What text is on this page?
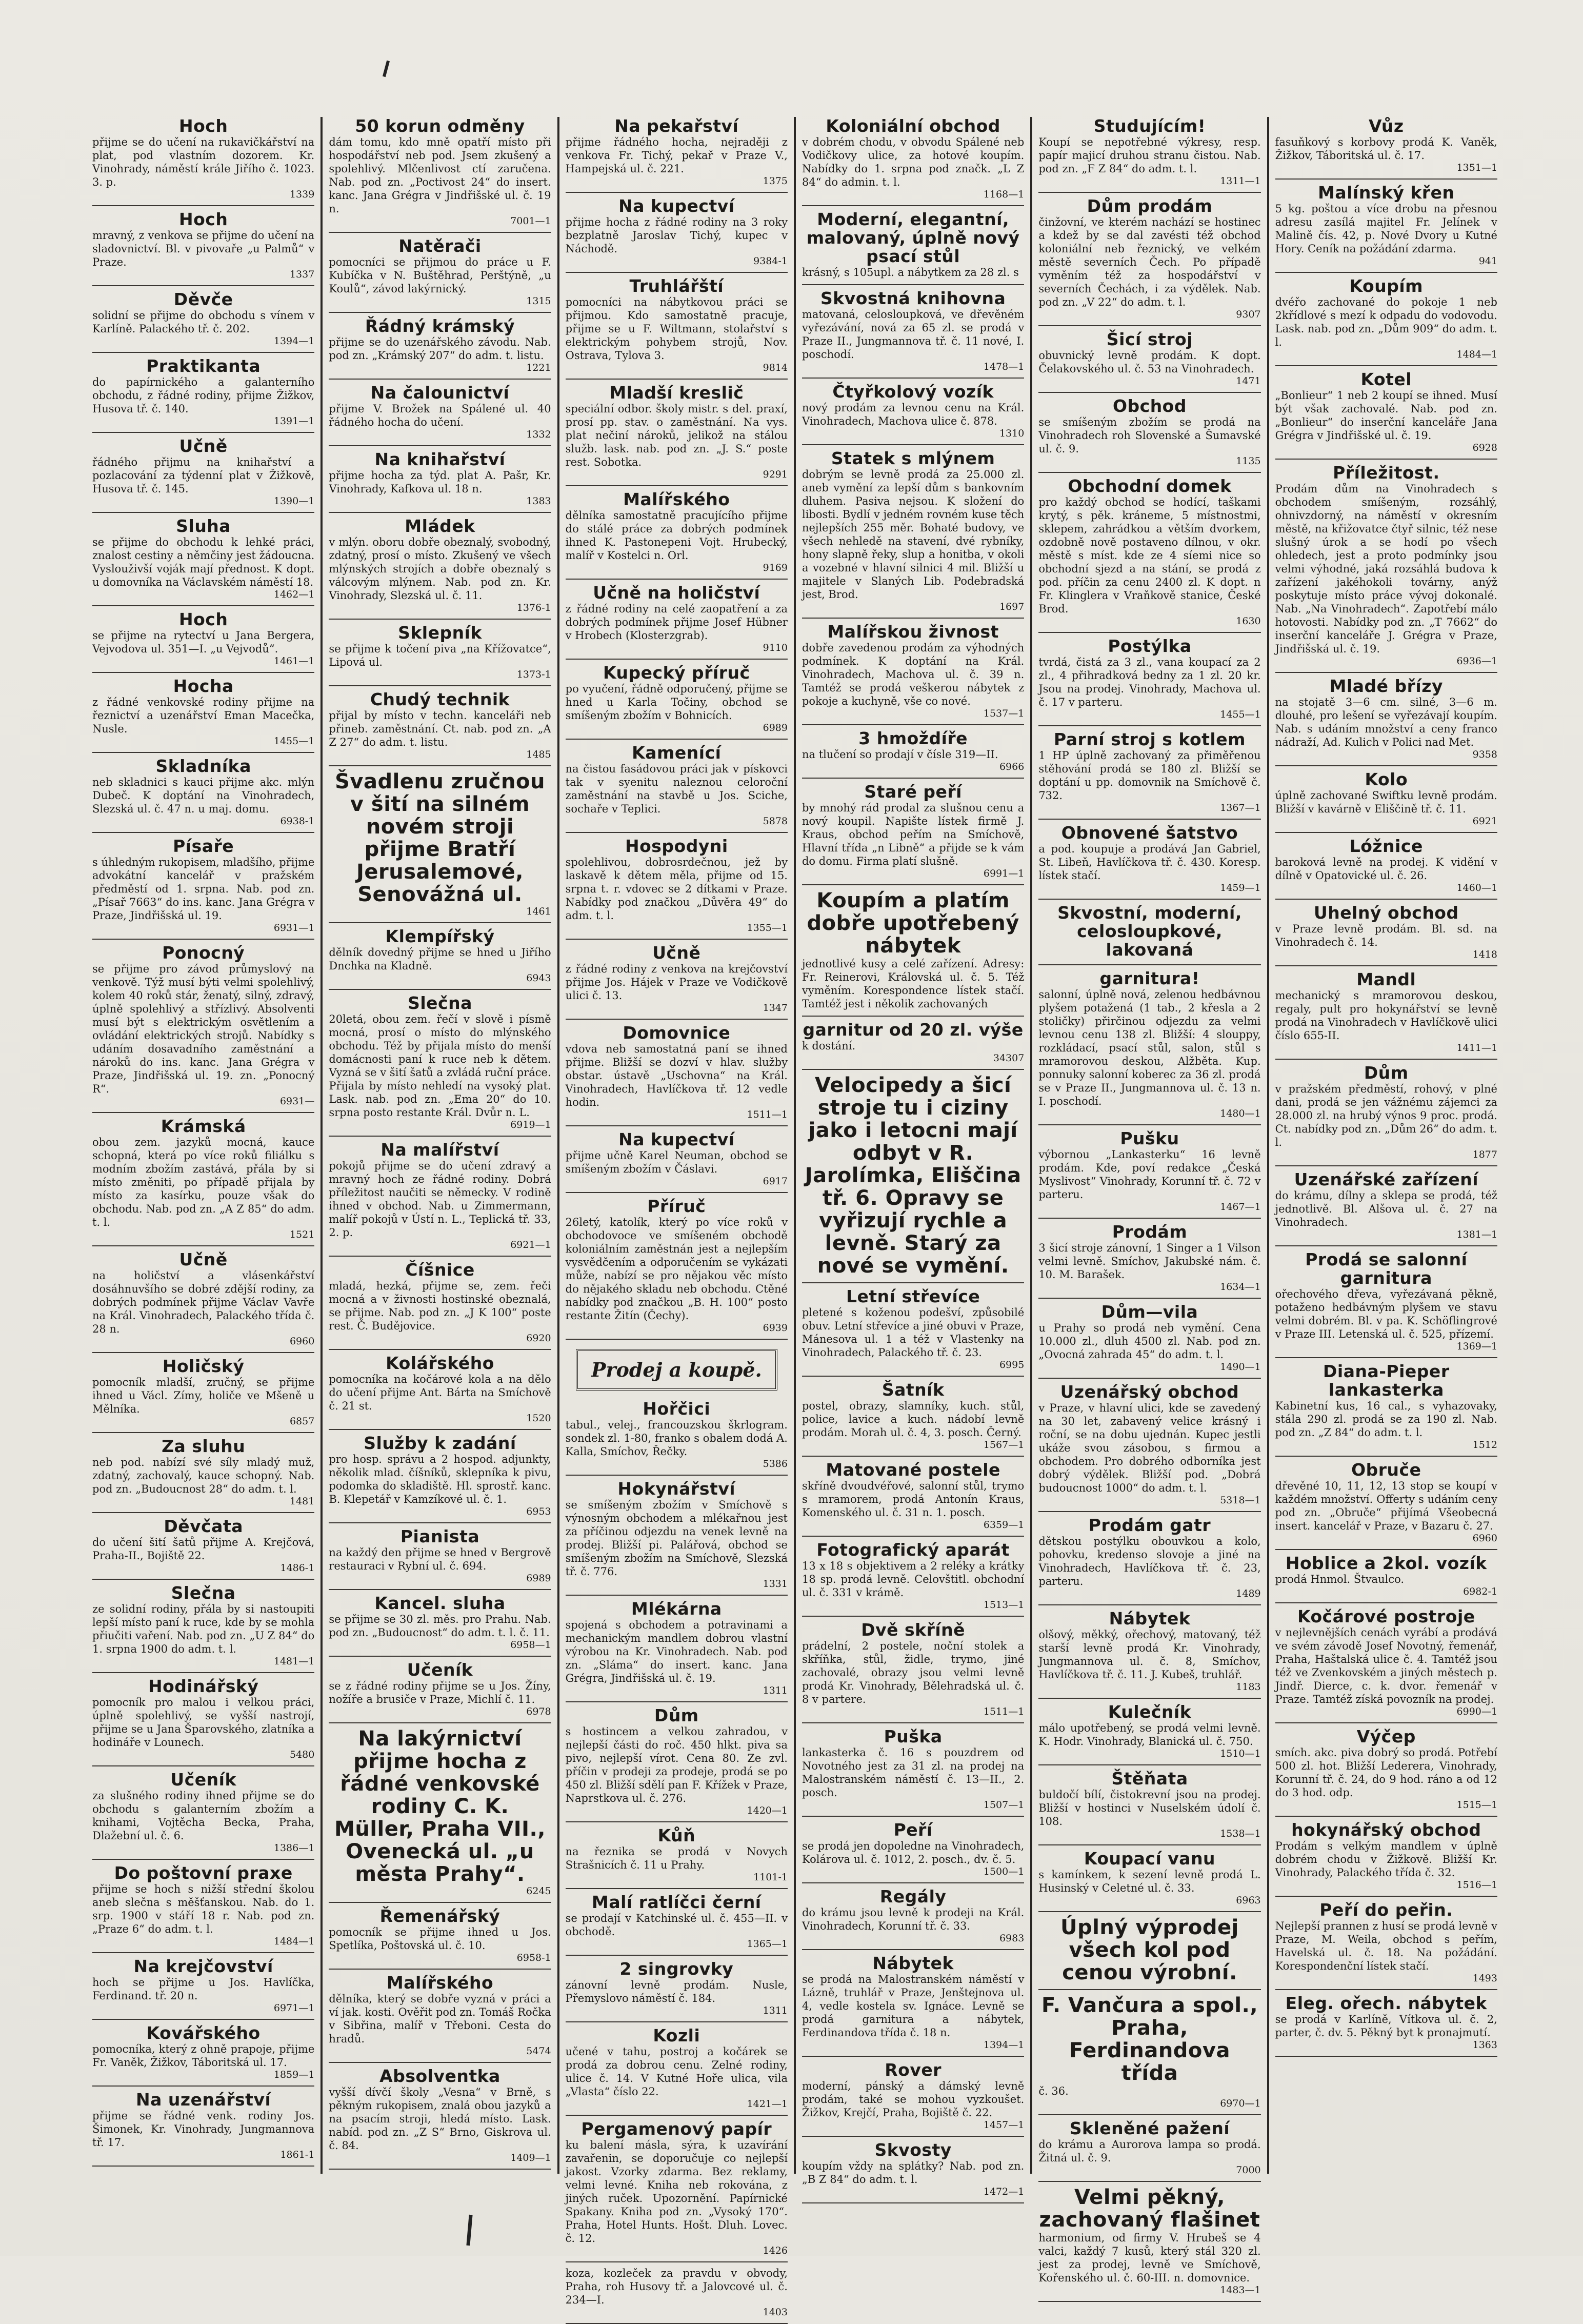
Hoch

přijme se do učení na rukavičkářství na plat, pod vlastním dozorem. Kr. Vinohrady, náměstí krále Jiřího č. 1023. 3. p.

1339
Hoch

mravný, z venkova se přijme do učení na sladovnictví. Bl. v pivovaře „u Palmů“ v Praze.

1337
Děvče

solidní se přijme do obchodu s vínem v Karlíně. Palackého tř. č. 202.

1394—1
Praktikanta

do papírnického a galanterního obchodu, z řádné rodiny, přijme Žižkov, Husova tř. č. 140.

1391—1
Učně

řádného přijmu na knihařství a pozlacování za týdenní plat v Žižkově, Husova tř. č. 145.

1390—1
Sluha

se přijme do obchodu k lehké práci, znalost cestiny a němčiny jest žádoucna. Vyslouživší voják mají přednost. K dopt. u domovníka na Václavském náměstí 18.

1462—1
Hoch

se přijme na rytectví u Jana Bergera, Vejvodova ul. 351—I. „u Vejvodů“.

1461—1
Hocha

z řádné venkovské rodiny přijme na řeznictví a uzenářství Eman Macečka, Nusle.

1455—1
Skladníka

neb skladnici s kauci přijme akc. mlýn Dubeč. K doptání na Vinohradech, Slezská ul. č. 47 n. u maj. domu.

6938-1
Písaře

s úhledným rukopisem, mladšího, přijme advokátní kancelář v pražském předměstí od 1. srpna. Nab. pod zn. „Písař 7663“ do ins. kanc. Jana Grégra v Praze, Jindřišská ul. 19.

6931—1
Ponocný

se přijme pro závod průmyslový na venkově. Týž musí býti velmi spolehlivý, kolem 40 roků stár, ženatý, silný, zdravý, úplně spolehlivý a střízlivý. Absolventi musí být s elektrickým osvětlením a ovládání elektrických strojů. Nabídky s udáním dosavadního zaměstnání a nároků do ins. kanc. Jana Grégra v Praze, Jindřišská ul. 19. zn. „Ponocný R“.

6931—
Krámská

obou zem. jazyků mocná, kauce schopná, která po více roků filiálku s modním zbožím zastává, přála by si místo změniti, po případě přijala by místo za kasírku, pouze však do obchodu. Nab. pod zn. „A Z 85“ do adm. t. l.

1521
Učně

na holičství a vlásenkářství dosáhnuvšího se dobré zdější rodiny, za dobrých podmínek přijme Václav Vavře na Král. Vinohradech, Palackého třída č. 28 n.

6960
Holičský

pomocník mladší, zručný, se přijme ihned u Václ. Zímy, holiče ve Mšeně u Mělníka.

6857
Za sluhu

neb pod. nabízí své síly mladý muž, zdatný, zachovalý, kauce schopný. Nab. pod zn. „Budoucnost 28“ do adm. t. l.

1481
Děvčata

do učení šití šatů přijme A. Krejčová, Praha-II., Bojiště 22.

1486-1
Slečna

ze solidní rodiny, přála by si nastoupiti lepší místo paní k ruce, kde by se mohla přiučiti vaření. Nab. pod zn. „U Z 84“ do 1. srpna 1900 do adm. t. l.

1481—1
Hodinářský

pomocník pro malou i velkou práci, úplně spolehlivý, se vyšší nastrojí, přijme se u Jana Šparovského, zlatníka a hodináře v Lounech.

5480
Učeník

za slušného rodiny ihned přijme se do obchodu s galanterním zbožím a knihami, Vojtěcha Becka, Praha, Dlažební ul. č. 6.

1386—1
Do poštovní praxe

přijme se hoch s nižší střední školou aneb slečna s měšťanskou. Nab. do 1. srp. 1900 v stáří 18 r. Nab. pod zn. „Praze 6“ do adm. t. l.

1484—1
Na krejčovství

hoch se přijme u Jos. Havlíčka, Ferdinand. tř. 20 n.

6971—1
Kovářského

pomocníka, který z ohně prapoje, přijme Fr. Vaněk, Žižkov, Táboritská ul. 17.

1859—1
Na uzenářství

přijme se řádné venk. rodiny Jos. Šimonek, Kr. Vinohrady, Jungmannova tř. 17.

1861-1
50 korun odměny

dám tomu, kdo mně opatří místo při hospodářství neb pod. Jsem zkušený a spolehlivý. Mlčenlivost ctí zaručena. Nab. pod zn. „Poctivost 24“ do insert. kanc. Jana Grégra v Jindřišské ul. č. 19 n.

7001—1
Natěrači

pomocníci se přijmou do práce u F. Kubíčka v N. Buštěhrad, Perštýně, „u Koulů“, závod lakýrnický.

1315
Řádný krámský

přijme se do uzenářského závodu. Nab. pod zn. „Krámský 207“ do adm. t. listu.

1221
Na čalounictví

přijme V. Brožek na Spálené ul. 40 řádného hocha do učení.

1332
Na knihařství

přijme hocha za týd. plat A. Pašr, Kr. Vinohrady, Kafkova ul. 18 n.

1383
Mládek

v mlýn. oboru dobře obeznalý, svobodný, zdatný, prosí o místo. Zkušený ve všech mlýnských strojích a dobře obeznalý s válcovým mlýnem. Nab. pod zn. Kr. Vinohrady, Slezská ul. č. 11.

1376-1
Sklepník

se přijme k točení piva „na Křížovatce“, Lipová ul.

1373-1
Chudý technik

přijal by místo v techn. kanceláři neb přineb. zaměstnání. Ct. nab. pod zn. „A Z 27“ do adm. t. listu.

1485
Švadlenu zručnou v šití na silném novém stroji přijme Bratří Jerusalemové, Senovážná ul.
1461
Klempířský

dělník dovedný přijme se hned u Jiřího Dnchka na Kladně.

6943
Slečna

20letá, obou zem. řečí v slově i písmě mocná, prosí o místo do mlýnského obchodu. Též by přijala místo do menší domácnosti paní k ruce neb k dětem. Vyzná se v šití šatů a zvládá ruční práce. Přijala by místo nehledí na vysoký plat. Lask. nab. pod zn. „Ema 20“ do 10. srpna posto restante Král. Dvůr n. L.

6919—1
Na malířství

pokojů přijme se do učení zdravý a mravný hoch ze řádné rodiny. Dobrá příležitost naučiti se německy. V rodině ihned v obchod. Nab. u Zimmermann, malíř pokojů v Ústí n. L., Teplická tř. 33, 2. p.

6921—1
Číšnice

mladá, hezká, přijme se, zem. řeči mocná a v živnosti hostinské obeznalá, se přijme. Nab. pod zn. „J K 100“ poste rest. Č. Budějovice.

6920
Kolářského

pomocníka na kočárové kola a na dělo do učení přijme Ant. Bárta na Smíchově č. 21 st.

1520
Služby k zadání

pro hosp. správu a 2 hospod. adjunkty, několik mlad. číšníků, sklepníka k pivu, podomka do skladiště. Hl. sprostř. kanc. B. Klepetář v Kamzíkové ul. č. 1.

6953
Pianista

na každý den přijme se hned v Bergrově restauraci v Rybní ul. č. 694.

6989
Kancel. sluha

se přijme se 30 zl. měs. pro Prahu. Nab. pod zn. „Budoucnost“ do adm. t. l. č. 11.

6958—1
Učeník

se z řádné rodiny přijme se u Jos. Žíny, nožíře a brusiče v Praze, Michlí č. 11.

6978
Na lakýrnictví přijme hocha z řádné venkovské rodiny C. K. Müller, Praha VII., Ovenecká ul. „u města Prahy“.
6245
Řemenářský

pomocník se přijme ihned u Jos. Spetlíka, Poštovská ul. č. 10.

6958-1
Malířského

dělníka, který se dobře vyzná v práci a ví jak. kosti. Ověřit pod zn. Tomáš Ročka v Sibřina, malíř v Třeboni. Cesta do hradů.

5474
Absolventka

vyšší dívčí školy „Vesna“ v Brně, s pěkným rukopisem, znalá obou jazyků a na psacím stroji, hledá místo. Lask. nabíd. pod zn. „Z S“ Brno, Giskrova ul. č. 84.

1409—1
Na pekařství

přijme řádného hocha, nejraději z venkova Fr. Tichý, pekař v Praze V., Hampejská ul. č. 221.

1375
Na kupectví

přijme hocha z řádné rodiny na 3 roky bezplatně Jaroslav Tichý, kupec v Náchodě.

9384-1
Truhlářští

pomocníci na nábytkovou práci se přijmou. Kdo samostatně pracuje, přijme se u F. Wiltmann, stolařství s elektrickým pohybem strojů, Nov. Ostrava, Tylova 3.

9814
Mladší kreslič

speciální odbor. školy mistr. s del. praxí, prosí pp. stav. o zaměstnání. Na vys. plat nečiní nároků, jelikož na stálou služb. lask. nab. pod zn. „J. S.“ poste rest. Sobotka.

9291
Malířského

dělníka samostatně pracujícího přijme do stálé práce za dobrých podmínek ihned K. Pastonepeni Vojt. Hrubecký, malíř v Kostelci n. Orl.

9169
Učně na holičství

z řádné rodiny na celé zaopatření a za dobrých podmínek přijme Josef Hübner v Hrobech (Klosterzgrab).

9110
Kupecký příruč

po vyučení, řádně odporučený, přijme se hned u Karla Točiny, obchod se smíšeným zbožím v Bohnicích.

6989
Kamenící

na čistou fasádovou práci jak v pískovci tak v syenitu naleznou celoroční zaměstnání na stavbě u Jos. Sciche, sochaře v Teplici.

5878
Hospodyni

spolehlivou, dobrosrdečnou, jež by laskavě k dětem měla, přijme od 15. srpna t. r. vdovec se 2 dítkami v Praze. Nabídky pod značkou „Důvěra 49“ do adm. t. l.

1355—1
Učně

z řádné rodiny z venkova na krejčovství přijme Jos. Hájek v Praze ve Vodičkově ulici č. 13.

1347
Domovnice

vdova neb samostatná paní se ihned přijme. Bližší se dozví v hlav. služby obstar. ústavě „Uschovna“ na Král. Vinohradech, Havlíčkova tř. 12 vedle hodin.

1511—1
Na kupectví

přijme učně Karel Neuman, obchod se smíšeným zbožím v Čáslavi.

6917
Příruč

26letý, katolík, který po více roků v obchodovoce ve smíšeném obchodě koloniálním zaměstnán jest a nejlepším vysvědčením a odporučením se vykázati může, nabízí se pro nějakou věc místo do nějakého skladu neb obchodu. Ctěné nabídky pod značkou „B. H. 100“ posto restante Žitín (Čechy).

6939
Prodej a koupě.
Hořčici

tabul., velej., francouzskou škrlogram. sondek zl. 1-80, franko s obalem dodá A. Kalla, Smíchov, Řečky.

5386
Hokynářství

se smíšeným zbožím v Smíchově s výnosným obchodem a mlékařnou jest za příčinou odjezdu na venek levně na prodej. Bližší pi. Palářová, obchod se smíšeným zbožím na Smíchově, Slezská tř. č. 776.

1331
Mlékárna

spojená s obchodem a potravinami a mechanickým mandlem dobrou vlastní výrobou na Kr. Vinohradech. Nab. pod zn. „Sláma“ do insert. kanc. Jana Grégra, Jindřišská ul. č. 19.

1311
Dům

s hostincem a velkou zahradou, v nejlepší části do roč. 450 hlkt. piva sa pivo, nejlepší vírot. Cena 80. Ze zvl. příčin v prodeji za prodeje, prodá se po 450 zl. Bližší sdělí pan F. Křížek v Praze, Naprstkova ul. č. 276.

1420—1
Kůň

na řeznika se prodá v Novych Strašnicích č. 11 u Prahy.

1101-1
Malí ratlíčci černí

se prodají v Katchinské ul. č. 455—II. v obchodě.

1365—1
2 singrovky

zánovní levně prodám. Nusle, Přemyslovo náměstí č. 184.

1311
Kozli

učené v tahu, postroj a kočárek se prodá za dobrou cenu. Zelné rodiny, ulice č. 14. V Kutné Hoře ulica, vila „Vlasta“ číslo 22.

1421—1
Pergamenový papír

ku balení másla, sýra, k uzavírání zavařenin, se doporučuje co nejlepší jakost. Vzorky zdarma. Bez reklamy, velmi levné. Kniha neb rokována, z jiných ruček. Upozornění. Papírnické Spakany. Kniha pod zn. „Vysoký 170“. Praha, Hotel Hunts. Hošt. Dluh. Lovec. č. 12.

1426

koza, kozleček za pravdu v obvody, Praha, roh Husovy tř. a Jalovcové ul. č. 234—I.

1403
Koloniální obchod

v dobrém chodu, v obvodu Spálené neb Vodičkovy ulice, za hotové koupím. Nabídky do 1. srpna pod značk. „L Z 84“ do admin. t. l.

1168—1
Moderní, elegantní, malovaný, úplně nový psací stůl

krásný, s 105upl. a nábytkem za 28 zl. s

Skvostná knihovna

matovaná, celosloupková, ve dřevěném vyřezávání, nová za 65 zl. se prodá v Praze II., Jungmannova tř. č. 11 nové, I. poschodí.

1478—1
Čtyřkolový vozík

nový prodám za levnou cenu na Král. Vinohradech, Machova ulice č. 878.

1310
Statek s mlýnem

dobrým se levně prodá za 25.000 zl. aneb vymění za lepší dům s bankovním dluhem. Pasiva nejsou. K složení do libosti. Bydlí v jedném rovném kuse těch nejlepších 255 měr. Bohaté budovy, ve všech nehledě na stavení, dvé rybníky, hony slapně řeky, slup a honitba, v okoli a vozebné v hlavní silnici 4 mil. Bližší u majitele v Slaných Lib. Podebradská jest, Brod.

1697
Malířskou živnost

dobře zavedenou prodám za výhodných podmínek. K doptání na Král. Vinohradech, Machova ul. č. 39 n. Tamtéž se prodá veškerou nábytek z pokoje a kuchyně, vše co nové.

1537—1
3 hmoždíře

na tlučení so prodají v čísle 319—II.

6966
Staré peří

by mnohý rád prodal za slušnou cenu a nový koupil. Napište lístek firmě J. Kraus, obchod peřím na Smíchově, Hlavní třída „n Libně“ a přijde se k vám do domu. Firma platí slušně.

6991—1
Koupím a platím dobře upotřebený nábytek

jednotlivé kusy a celé zařízení. Adresy: Fr. Reinerovi, Královská ul. č. 5. Též vyměním. Korespondence lístek stačí. Tamtéž jest i několik zachovaných

garnitur od 20 zl. výše

k dostání.

34307
Velocipedy a šicí stroje tu i ciziny jako i letocni mají odbyt v R. Jarolímka, Eliščina tř. 6. Opravy se vyřizují rychle a levně. Starý za nové se vymění.
Letní střevíce

pletené s koženou podešví, způsobilé obuv. Letní střevíce a jiné obuvi v Praze, Mánesova ul. 1 a též v Vlastenky na Vinohradech, Palackého tř. č. 23.

6995
Šatník

postel, obrazy, slamníky, kuch. stůl, police, lavice a kuch. nádobí levně prodám. Morah ul. č. 4, 3. posch. Černý.

1567—1
Matované postele

skříně dvoudvéřové, salonní stůl, trymo s mramorem, prodá Antonín Kraus, Komenského ul. č. 31 n. 1. posch.

6359—1
Fotografický aparát

13 x 18 s objektivem a 2 reléky a krátky 18 sp. prodá levně. Celovštitl. obchodní ul. č. 331 v krámě.

1513—1
Dvě skříně

prádelní, 2 postele, noční stolek a skříňka, stůl, židle, trymo, jiné zachovalé, obrazy jsou velmi levně prodá Kr. Vinohrady, Bělehradská ul. č. 8 v partere.

1511—1
Puška

lankasterka č. 16 s pouzdrem od Novotného jest za 31 zl. na prodej na Malostranském náměstí č. 13—II., 2. posch.

1507—1
Peří

se prodá jen dopoledne na Vinohradech, Kolárova ul. č. 1012, 2. posch., dv. č. 5.

1500—1
Regály

do krámu jsou levně k prodeji na Král. Vinohradech, Korunní tř. č. 33.

6983
Nábytek

se prodá na Malostranském náměstí v Lázně, truhlář v Praze, Jenštejnova ul. 4, vedle kostela sv. Ignáce. Levně se prodá garnitura a nábytek, Ferdinandova třída č. 18 n.

1394—1
Rover

moderní, pánský a dámský levně prodám, také se mohou vyzkoušet. Žižkov, Krejčí, Praha, Bojiště č. 22.

1457—1
Skvosty

koupím vždy na splátky? Nab. pod zn. „B Z 84“ do adm. t. l.

1472—1
Studujícím!

Koupí se nepotřebné výkresy, resp. papír majicí druhou stranu čistou. Nab. pod zn. „F Z 84“ do adm. t. l.

1311—1
Dům prodám

činžovní, ve kterém nachází se hostinec a kdež by se dal zavésti též obchod koloniální neb řeznický, ve velkém městě severních Čech. Po případě vyměním též za hospodářství v severních Čechách, i za výdělek. Nab. pod zn. „V 22“ do adm. t. l.

9307
Šicí stroj

obuvnický levně prodám. K dopt. Čelakovského ul. č. 53 na Vinohradech.

1471
Obchod

se smíšeným zbožím se prodá na Vinohradech roh Slovenské a Šumavské ul. č. 9.

1135
Obchodní domek

pro každý obchod se hodící, taškami krytý, s pěk. kráneme, 5 místnostmi, sklepem, zahrádkou a větším dvorkem, ozdobně nově postaveno dílnou, v okr. městě s míst. kde ze 4 síemi nice so obchodní sjezd a na stání, se prodá z pod. příčin za cenu 2400 zl. K dopt. n Fr. Klinglera v Vraňkově stanice, České Brod.

1630
Postýlka

tvrdá, čistá za 3 zl., vana koupací za 2 zl., 4 přihradková bedny za 1 zl. 20 kr. Jsou na prodej. Vinohrady, Machova ul. č. 17 v parteru.

1455—1
Parní stroj s kotlem

1 HP úplně zachovaný za přiměřenou stěhování prodá se 180 zl. Bližší se doptání u pp. domovnik na Smíchově č. 732.

1367—1
Obnovené šatstvo

a pod. koupuje a prodává Jan Gabriel, St. Libeň, Havlíčkova tř. č. 430. Koresp. lístek stačí.

1459—1
Skvostní, moderní, celosloupkové, lakovaná
garnitura!

salonní, úplně nová, zelenou hedbávnou plyšem potažená (1 tab., 2 křesla a 2 stoličky) přirčinou odjezdu za velmi levnou cenu 138 zl. Bližší: 4 slouppy, rozkládací, psací stůl, salon, stůl s mramorovou deskou, Alžběta. Kup. ponnuky salonní koberec za 36 zl. prodá se v Praze II., Jungmannova ul. č. 13 n. I. poschodí.

1480—1
Pušku

výbornou „Lankasterku“ 16 levně prodám. Kde, poví redakce „Česká Myslivost“ Vinohrady, Korunní tř. č. 72 v parteru.

1467—1
Prodám

3 šicí stroje zánovní, 1 Singer a 1 Vilson velmi levně. Smíchov, Jakubské nám. č. 10. M. Barašek.

1634—1
Dům—vila

u Prahy so prodá neb vymění. Cena 10.000 zl., dluh 4500 zl. Nab. pod zn. „Ovocná zahrada 45“ do adm. t. l.

1490—1
Uzenářský obchod

v Praze, v hlavní ulici, kde se zavedený na 30 let, zabavený velice krásný i roční, se na dobu ujednán. Kupec jestli ukáže svou zásobou, s firmou a obchodem. Pro dobrého odborníka jest dobrý výdělek. Bližší pod. „Dobrá budoucnost 1000“ do adm. t. l.

5318—1
Prodám gatr

dětskou postýlku obouvkou a kolo, pohovku, kredenso slovoje a jiné na Vinohradech, Havlíčkova tř. č. 23, parteru.

1489
Nábytek

olšový, měkký, ořechový, matovaný, též starší levně prodá Kr. Vinohrady, Jungmannova ul. č. 8, Smíchov, Havlíčkova tř. č. 11. J. Kubeš, truhlář.

1183
Kulečník

málo upotřebený, se prodá velmi levně. K. Hodr. Vinohrady, Blanická ul. č. 750.

1510—1
Štěňata

buldočí bílí, čistokrevní jsou na prodej. Bližší v hostinci v Nuselském údolí č. 108.

1538—1
Koupací vanu

s kamínkem, k sezení levně prodá L. Husinský v Celetné ul. č. 33.

6963
Úplný výprodej všech kol pod cenou výrobní.
F. Vančura a spol., Praha, Ferdinandova třída

č. 36.

6970—1
Skleněné pažení

do krámu a Aurorova lampa so prodá. Žitná ul. č. 9.

7000
Velmi pěkný, zachovaný flašinet

harmonium, od firmy V. Hrubeš se 4 valci, každý 7 kusů, který stál 320 zl. jest za prodej, levně ve Smíchově, Kořenského ul. č. 60-III. n. domovnice.

1483—1
Vůz

fasuňkový s korbovy prodá K. Vaněk, Žižkov, Táboritská ul. č. 17.

1351—1
Malínský křen

5 kg. poštou a více drobu na přesnou adresu zasílá majitel Fr. Jelínek v Malině čís. 42, p. Nové Dvory u Kutné Hory. Ceník na požádání zdarma.

941
Koupím

dvéřo zachované do pokoje 1 neb 2křídlové s mezí k odpadu do vodovodu. Lask. nab. pod zn. „Dům 909“ do adm. t. l.

1484—1
Kotel

„Bonlieur“ 1 neb 2 koupí se ihned. Musí být však zachovalé. Nab. pod zn. „Bonlieur“ do inserční kanceláře Jana Grégra v Jindřišské ul. č. 19.

6928
Příležitost.

Prodám dům na Vinohradech s obchodem smíšeným, rozsáhlý, ohnivzdorný, na náměstí v okresním městě, na křižovatce čtyř silnic, též nese slušný úrok a se hodí po všech ohledech, jest a proto podmínky jsou velmi výhodné, jaká rozsáhlá budova k zařízení jakéhokoli továrny, anýž poskytuje místo práce vývoj dokonalé. Nab. „Na Vinohradech“. Zapotřebí málo hotovosti. Nabídky pod zn. „T 7662“ do inserční kanceláře J. Grégra v Praze, Jindřišská ul. č. 19.

6936—1
Mladé břízy

na stojatě 3—6 cm. silné, 3—6 m. dlouhé, pro lešení se vyřezávají koupím. Nab. s udáním množství a ceny franco nádraží, Ad. Kulich v Polici nad Met.

9358
Kolo

úplně zachované Swiftku levně prodám. Bližší v kavárně v Eliščině tř. č. 11.

6921
Lóžnice

baroková levně na prodej. K vidění v dílně v Opatovické ul. č. 26.

1460—1
Uhelný obchod

v Praze levně prodám. Bl. sd. na Vinohradech č. 14.

1418
Mandl

mechanický s mramorovou deskou, regaly, pult pro hokynářství se levně prodá na Vinohradech v Havlíčkově ulici číslo 655-II.

1411—1
Dům

v pražském předměstí, rohový, v plné dani, prodá se jen vážnému zájemci za 28.000 zl. na hrubý výnos 9 proc. prodá. Ct. nabídky pod zn. „Dům 26“ do adm. t. l.

1877
Uzenářské zařízení

do krámu, dílny a sklepa se prodá, též jednotlivě. Bl. Alšova ul. č. 27 na Vinohradech.

1381—1
Prodá se salonní garnitura

ořechového dřeva, vyřezávaná pěkně, potaženo hedbávným plyšem ve stavu velmi dobrém. Bl. v pa. K. Schöflingrové v Praze III. Letenská ul. č. 525, přízemí.

1369—1
Diana-Pieper lankasterka

Kabinetní kus, 16 cal., s vyhazovaky, stála 290 zl. prodá se za 190 zl. Nab. pod zn. „Z 84“ do adm. t. l.

1512
Obruče

dřevěné 10, 11, 12, 13 stop se koupí v každém množství. Offerty s udáním ceny pod zn. „Obruče“ přijímá Všeobecná insert. kancelář v Praze, v Bazaru č. 27.

6960
Hoblice a 2kol. vozík

prodá Hnmol. Štvaulco.

6982-1
Kočárové postroje

v nejlevnějších cenách vyrábí a prodává ve svém závodě Josef Novotný, řemenář, Praha, Haštalská ulice č. 4. Tamtéž jsou též ve Zvenkovském a jiných městech p. Jindř. Dierce, c. k. dvor. řemenář v Praze. Tamtéž získá povozník na prodej.

6990—1
Výčep

smích. akc. piva dobrý so prodá. Potřebí 500 zl. hot. Bližší Lederera, Vinohrady, Korunní tř. č. 24, do 9 hod. ráno a od 12 do 3 hod. odp.

1515—1
hokynářský obchod

Prodám s velkým mandlem v úplně dobrém chodu v Žižkově. Bližší Kr. Vinohrady, Palackého třída č. 32.

1516—1
Peří do peřin.

Nejlepší prannen z husí se prodá levně v Praze, M. Weila, obchod s peřím, Havelská ul. č. 18. Na požádání. Korespondenční lístek stačí.

1493
Eleg. ořech. nábytek

se prodá v Karlíně, Vítkova ul. č. 2, parter, č. dv. 5. Pěkný byt k pronajmutí.

1363
